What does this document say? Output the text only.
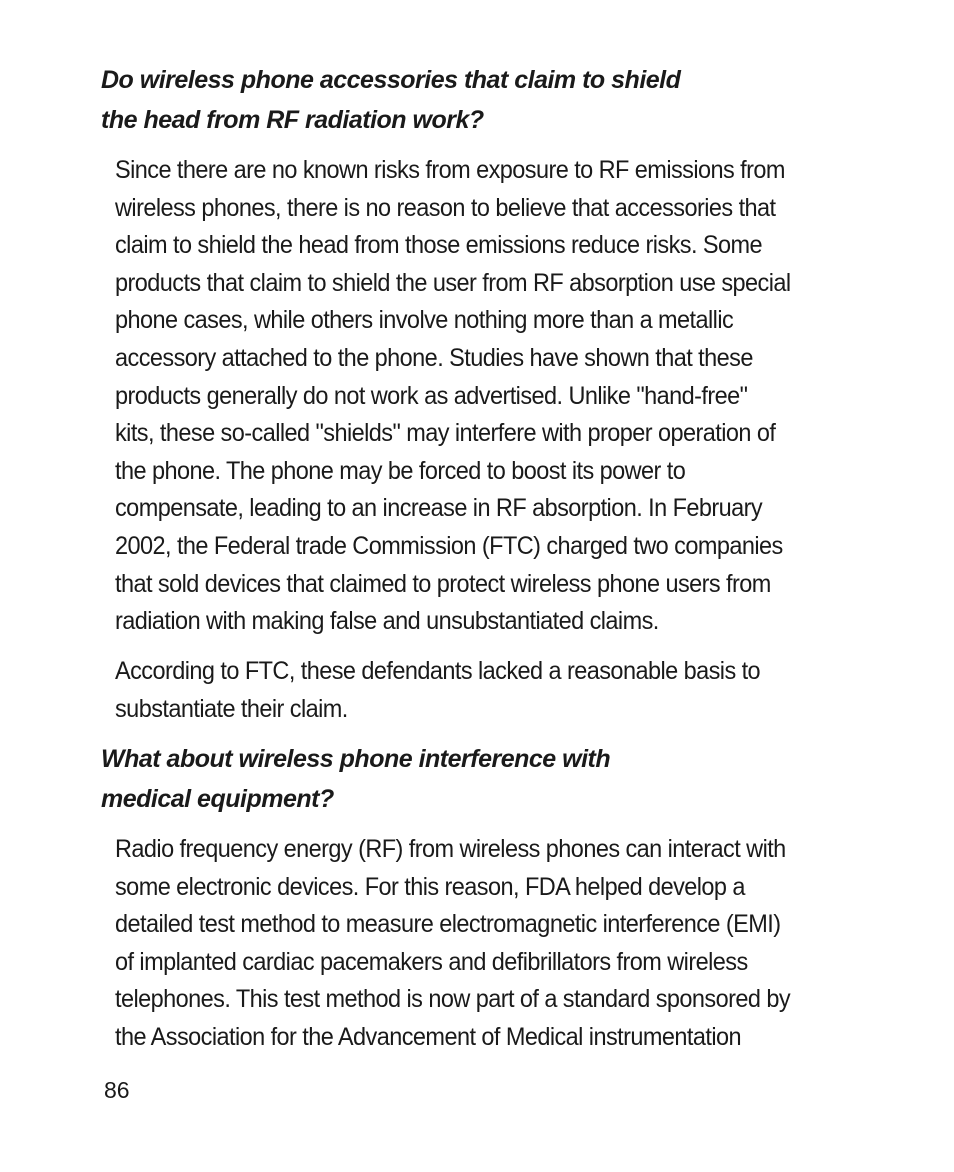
Do wireless phone accessories that claim to shield
the head from RF radiation work?

Since there are no known risks from exposure to RF emissions from
wireless phones, there is no reason to believe that accessories that
claim to shield the head from those emissions reduce risks. Some
products that claim to shield the user from RF absorption use special
phone cases, while others involve nothing more than a metallic
accessory attached to the phone. Studies have shown that these
products generally do not work as advertised. Unlike "hand-free"
kits, these so-called "shields" may interfere with proper operation of
the phone. The phone may be forced to boost its power to
compensate, leading to an increase in RF absorption. In February
2002, the Federal trade Commission (FTC) charged two companies
that sold devices that claimed to protect wireless phone users from
radiation with making false and unsubstantiated claims.

According to FTC, these defendants lacked a reasonable basis to
substantiate their claim.

What about wireless phone interference with
medical equipment?

Radio frequency energy (RF) from wireless phones can interact with
some electronic devices. For this reason, FDA helped develop a
detailed test method to measure electromagnetic interference (EMI)
of implanted cardiac pacemakers and defibrillators from wireless
telephones. This test method is now part of a standard sponsored by
the Association for the Advancement of Medical instrumentation

86
